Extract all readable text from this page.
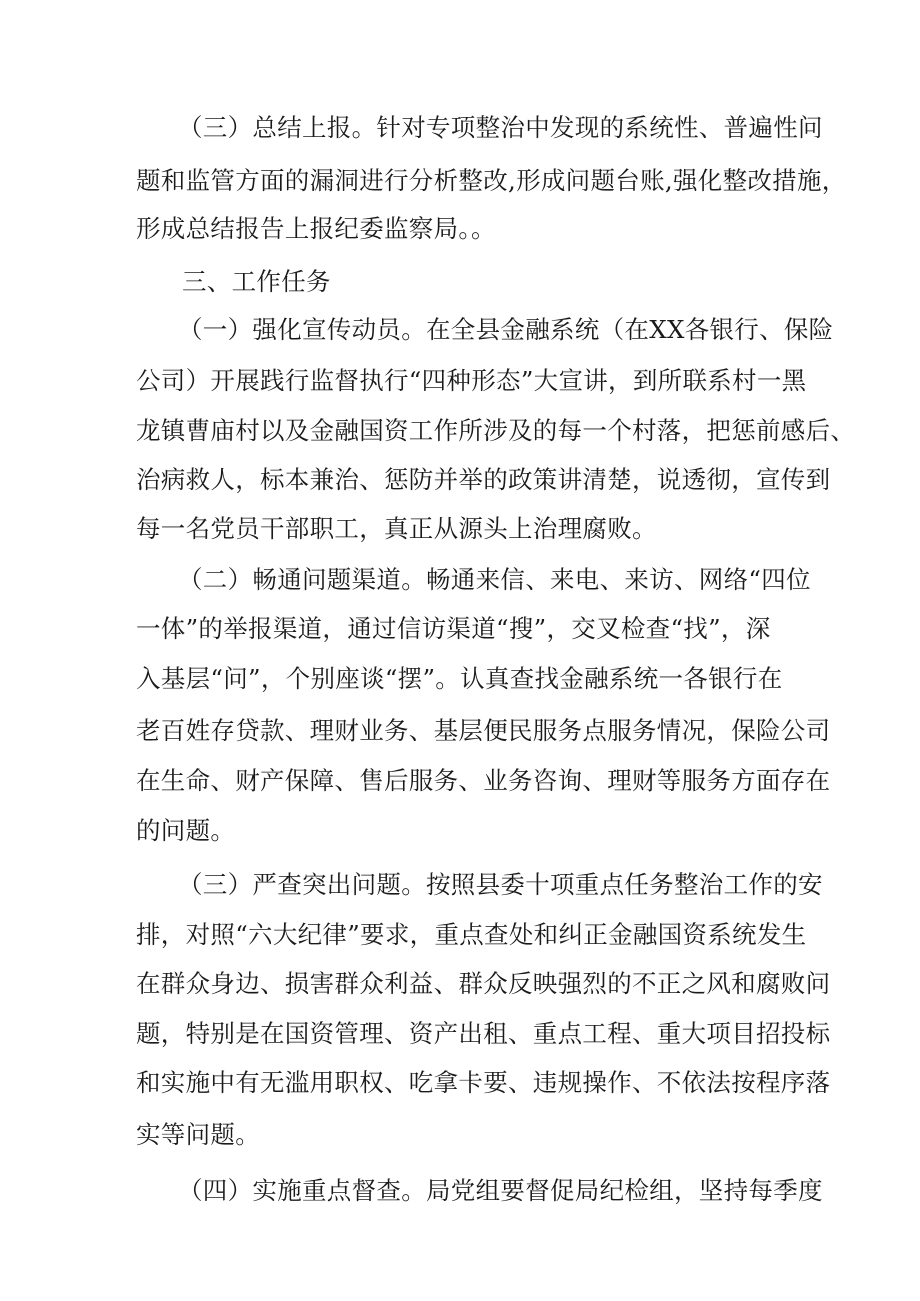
（三）总结上报。针对专项整治中发现的系统性、普遍性问

题和监管方面的漏洞进行分析整改,形成问题台账,强化整改措施，

形成总结报告上报纪委监察局。。

三、工作任务

（一）强化宣传动员。在全县金融系统（在XX各银行、保险

公司）开展践行监督执行“四种形态”大宣讲，到所联系村一黑

龙镇曹庙村以及金融国资工作所涉及的每一个村落，把惩前感后、

治病救人，标本兼治、惩防并举的政策讲清楚，说透彻，宣传到

每一名党员干部职工，真正从源头上治理腐败。

（二）畅通问题渠道。畅通来信、来电、来访、网络“四位

一体”的举报渠道，通过信访渠道“搜”，交叉检查“找”，深

入基层“问”，个别座谈“摆”。认真查找金融系统一各银行在

老百姓存贷款、理财业务、基层便民服务点服务情况，保险公司

在生命、财产保障、售后服务、业务咨询、理财等服务方面存在

的问题。

（三）严查突出问题。按照县委十项重点任务整治工作的安

排，对照“六大纪律”要求，重点查处和纠正金融国资系统发生

在群众身边、损害群众利益、群众反映强烈的不正之风和腐败问

题，特别是在国资管理、资产出租、重点工程、重大项目招投标

和实施中有无滥用职权、吃拿卡要、违规操作、不依法按程序落

实等问题。

（四）实施重点督查。局党组要督促局纪检组，坚持每季度
